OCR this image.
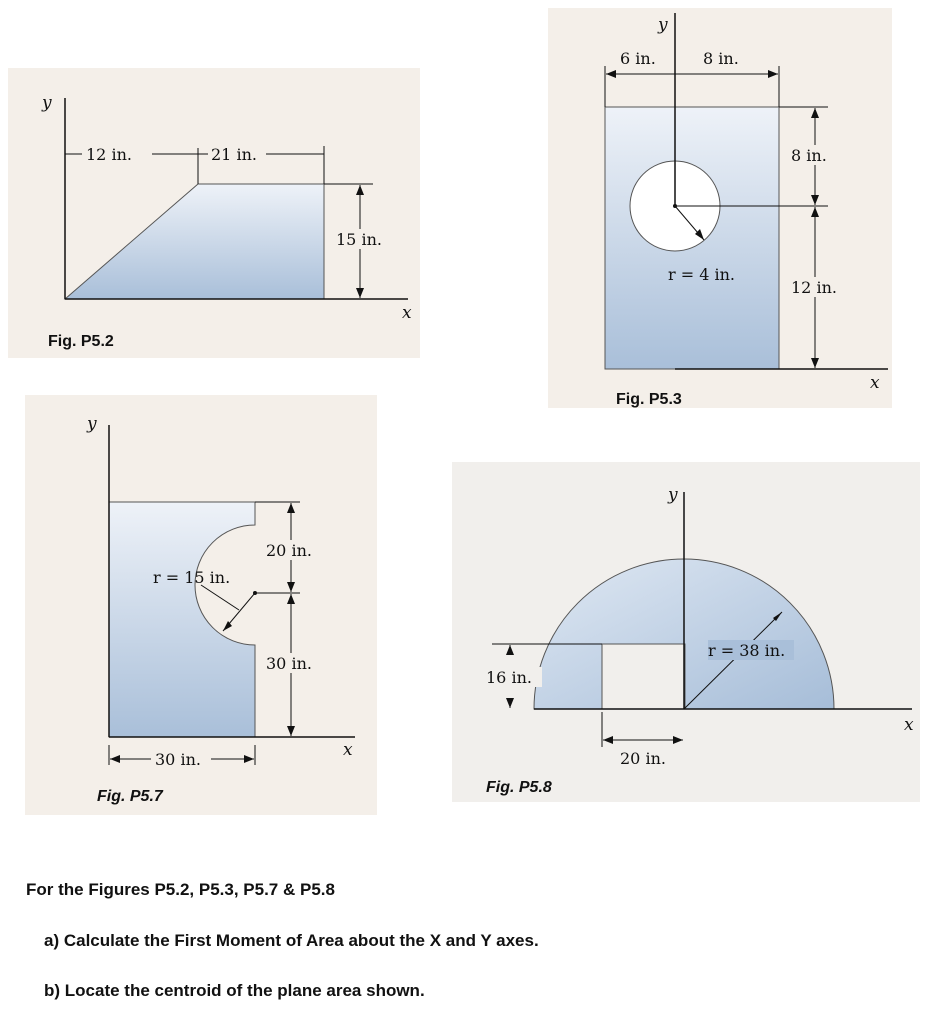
y
x
12 in.	21 in.
15 in.
Fig. P5.2
y
x
6 in.	8 in.
8 in.
12 in.
r = 4 in.
Fig. P5.3
y
x
20 in.
30 in.
30 in.
r = 15 in.
Fig. P5.7
y
x
16 in.
20 in.
r = 38 in.
Fig. P5.8

For the Figures P5.2, P5.3, P5.7 & P5.8

a) Calculate the First Moment of Area about the X and Y axes.

b) Locate the centroid of the plane area shown.
